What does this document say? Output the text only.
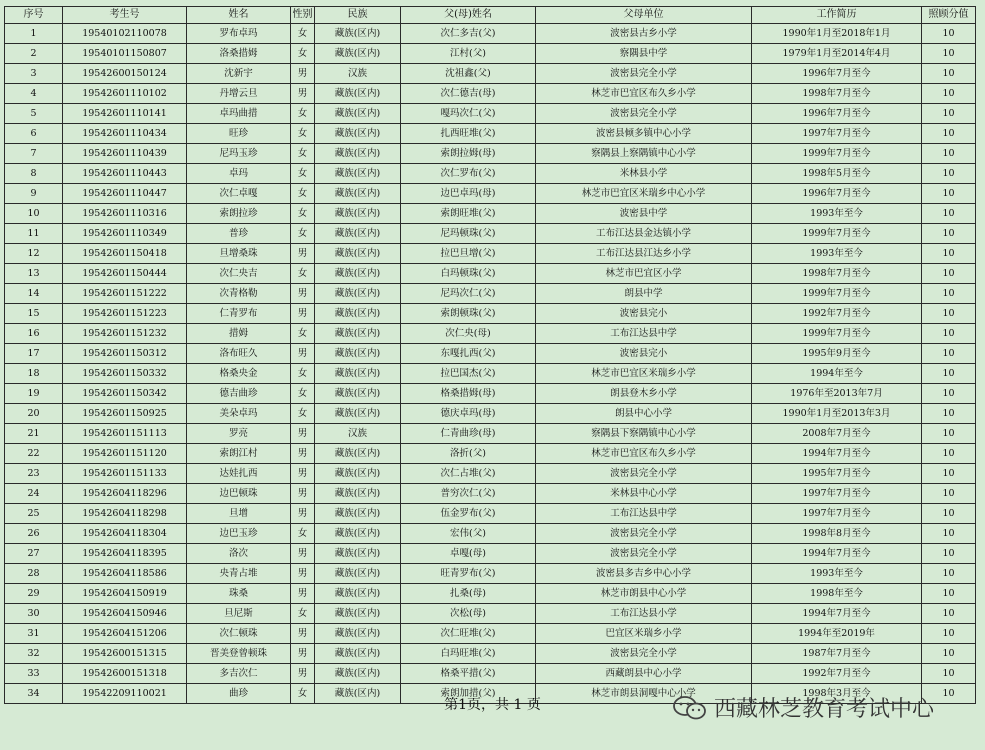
序号	考生号	姓名	性别	民族	父(母)姓名	父母单位	工作简历	照顾分值
1	19540102110078	罗布卓玛	女	藏族(区内)	次仁多吉(父)	波密县古乡小学	1990年1月至2018年1月	10
2	19540101150807	洛桑措姆	女	藏族(区内)	江村(父)	察隅县中学	1979年1月至2014年4月	10
3	19542600150124	沈新宇	男	汉族	沈祖鑫(父)	波密县完全小学	1996年7月至今	10
4	19542601110102	丹增云旦	男	藏族(区内)	次仁德吉(母)	林芝市巴宜区布久乡小学	1998年7月至今	10
5	19542601110141	卓玛曲措	女	藏族(区内)	嘎玛次仁(父)	波密县完全小学	1996年7月至今	10
6	19542601110434	旺珍	女	藏族(区内)	扎西旺堆(父)	波密县倾多镇中心小学	1997年7月至今	10
7	19542601110439	尼玛玉珍	女	藏族(区内)	索朗拉姆(母)	察隅县上察隅镇中心小学	1999年7月至今	10
8	19542601110443	卓玛	女	藏族(区内)	次仁罗布(父)	米林县小学	1998年5月至今	10
9	19542601110447	次仁卓嘎	女	藏族(区内)	边巴卓玛(母)	林芝市巴宜区米瑞乡中心小学	1996年7月至今	10
10	19542601110316	索朗拉珍	女	藏族(区内)	索朗旺堆(父)	波密县中学	1993年至今	10
11	19542601110349	普珍	女	藏族(区内)	尼玛顿珠(父)	工布江达县金达镇小学	1999年7月至今	10
12	19542601150418	旦增桑珠	男	藏族(区内)	拉巴旦增(父)	工布江达县江达乡小学	1993年至今	10
13	19542601150444	次仁央吉	女	藏族(区内)	白玛顿珠(父)	林芝市巴宜区小学	1998年7月至今	10
14	19542601151222	次青格勒	男	藏族(区内)	尼玛次仁(父)	朗县中学	1999年7月至今	10
15	19542601151223	仁青罗布	男	藏族(区内)	索朗顿珠(父)	波密县完小	1992年7月至今	10
16	19542601151232	措姆	女	藏族(区内)	次仁央(母)	工布江达县中学	1999年7月至今	10
17	19542601150312	洛布旺久	男	藏族(区内)	东嘎扎西(父)	波密县完小	1995年9月至今	10
18	19542601150332	格桑央金	女	藏族(区内)	拉巴国杰(父)	林芝市巴宜区米瑞乡小学	1994年至今	10
19	19542601150342	德吉曲珍	女	藏族(区内)	格桑措姆(母)	朗县登木乡小学	1976年至2013年7月	10
20	19542601150925	美朵卓玛	女	藏族(区内)	德庆卓玛(母)	朗县中心小学	1990年1月至2013年3月	10
21	19542601151113	罗亮	男	汉族	仁青曲珍(母)	察隅县下察隅镇中心小学	2008年7月至今	10
22	19542601151120	索朗江村	男	藏族(区内)	洛折(父)	林芝市巴宜区布久乡小学	1994年7月至今	10
23	19542601151133	达娃扎西	男	藏族(区内)	次仁占堆(父)	波密县完全小学	1995年7月至今	10
24	19542604118296	边巴顿珠	男	藏族(区内)	普穷次仁(父)	米林县中心小学	1997年7月至今	10
25	19542604118298	旦增	男	藏族(区内)	伍金罗布(父)	工布江达县中学	1997年7月至今	10
26	19542604118304	边巴玉珍	女	藏族(区内)	宏伟(父)	波密县完全小学	1998年8月至今	10
27	19542604118395	洛次	男	藏族(区内)	卓嘎(母)	波密县完全小学	1994年7月至今	10
28	19542604118586	央青占堆	男	藏族(区内)	旺青罗布(父)	波密县多吉乡中心小学	1993年至今	10
29	19542604150919	珠桑	男	藏族(区内)	扎桑(母)	林芝市朗县中心小学	1998年至今	10
30	19542604150946	旦尼斯	女	藏族(区内)	次松(母)	工布江达县小学	1994年7月至今	10
31	19542604151206	次仁顿珠	男	藏族(区内)	次仁旺堆(父)	巴宜区米瑞乡小学	1994年至2019年	10
32	19542600151315	晋美登曾顿珠	男	藏族(区内)	白玛旺堆(父)	波密县完全小学	1987年7月至今	10
33	19542600151318	多吉次仁	男	藏族(区内)	格桑平措(父)	西藏朗县中心小学	1992年7月至今	10
34	19542209110021	曲珍	女	藏族(区内)	索朗加措(父)	林芝市朗县洞嘎中心小学	1998年3月至今	10
第1页，共 1 页	西藏林芝教育考试中心
